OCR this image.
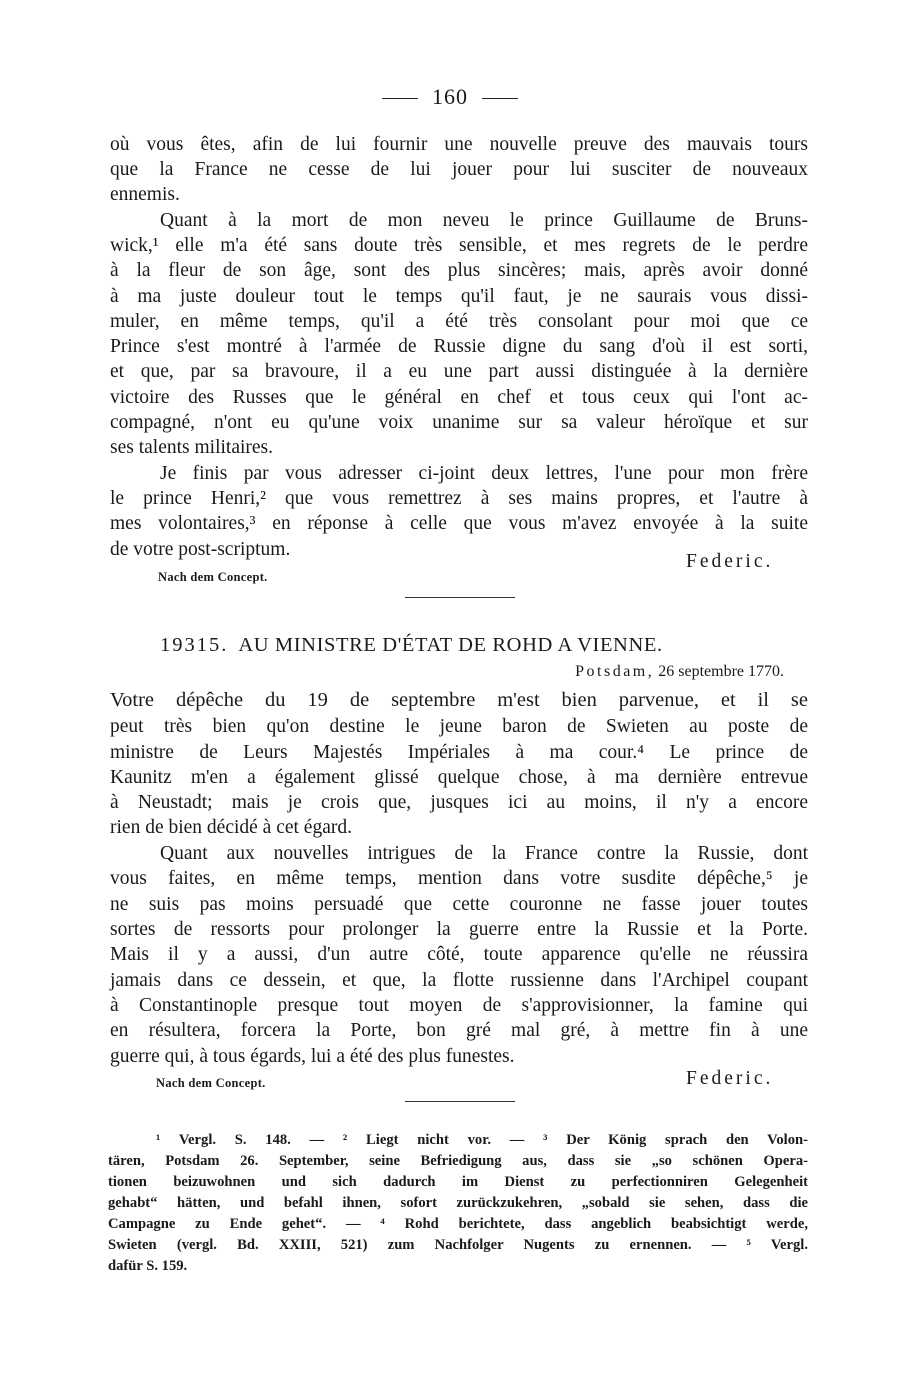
160
où vous êtes, afin de lui fournir une nouvelle preuve des mauvais tours
que la France ne cesse de lui jouer pour lui susciter de nouveaux
ennemis.
Quant à la mort de mon neveu le prince Guillaume de Bruns-
wick,¹ elle m'a été sans doute très sensible, et mes regrets de le perdre
à la fleur de son âge, sont des plus sincères; mais, après avoir donné
à ma juste douleur tout le temps qu'il faut, je ne saurais vous dissi-
muler, en même temps, qu'il a été très consolant pour moi que ce
Prince s'est montré à l'armée de Russie digne du sang d'où il est sorti,
et que, par sa bravoure, il a eu une part aussi distinguée à la dernière
victoire des Russes que le général en chef et tous ceux qui l'ont ac-
compagné, n'ont eu qu'une voix unanime sur sa valeur héroïque et sur
ses talents militaires.
Je finis par vous adresser ci-joint deux lettres, l'une pour mon frère
le prince Henri,² que vous remettrez à ses mains propres, et l'autre à
mes volontaires,³ en réponse à celle que vous m'avez envoyée à la suite
de votre post-scriptum.
Federic.
Nach dem Concept.
19315. AU MINISTRE D'ÉTAT DE ROHD A VIENNE.
Potsdam, 26 septembre 1770.
Votre dépêche du 19 de septembre m'est bien parvenue, et il se
peut très bien qu'on destine le jeune baron de Swieten au poste de
ministre de Leurs Majestés Impériales à ma cour.⁴ Le prince de
Kaunitz m'en a également glissé quelque chose, à ma dernière entrevue
à Neustadt; mais je crois que, jusques ici au moins, il n'y a encore
rien de bien décidé à cet égard.
Quant aux nouvelles intrigues de la France contre la Russie, dont
vous faites, en même temps, mention dans votre susdite dépêche,⁵ je
ne suis pas moins persuadé que cette couronne ne fasse jouer toutes
sortes de ressorts pour prolonger la guerre entre la Russie et la Porte.
Mais il y a aussi, d'un autre côté, toute apparence qu'elle ne réussira
jamais dans ce dessein, et que, la flotte russienne dans l'Archipel coupant
à Constantinople presque tout moyen de s'approvisionner, la famine qui
en résultera, forcera la Porte, bon gré mal gré, à mettre fin à une
guerre qui, à tous égards, lui a été des plus funestes.
Federic.
Nach dem Concept.
¹ Vergl. S. 148. — ² Liegt nicht vor. — ³ Der König sprach den Volon-
tären, Potsdam 26. September, seine Befriedigung aus, dass sie „so schönen Opera-
tionen beizuwohnen und sich dadurch im Dienst zu perfectionniren Gelegenheit
gehabt“ hätten, und befahl ihnen, sofort zurückzukehren, „sobald sie sehen, dass die
Campagne zu Ende gehet“. — ⁴ Rohd berichtete, dass angeblich beabsichtigt werde,
Swieten (vergl. Bd. XXIII, 521) zum Nachfolger Nugents zu ernennen. — ⁵ Vergl.
dafür S. 159.
